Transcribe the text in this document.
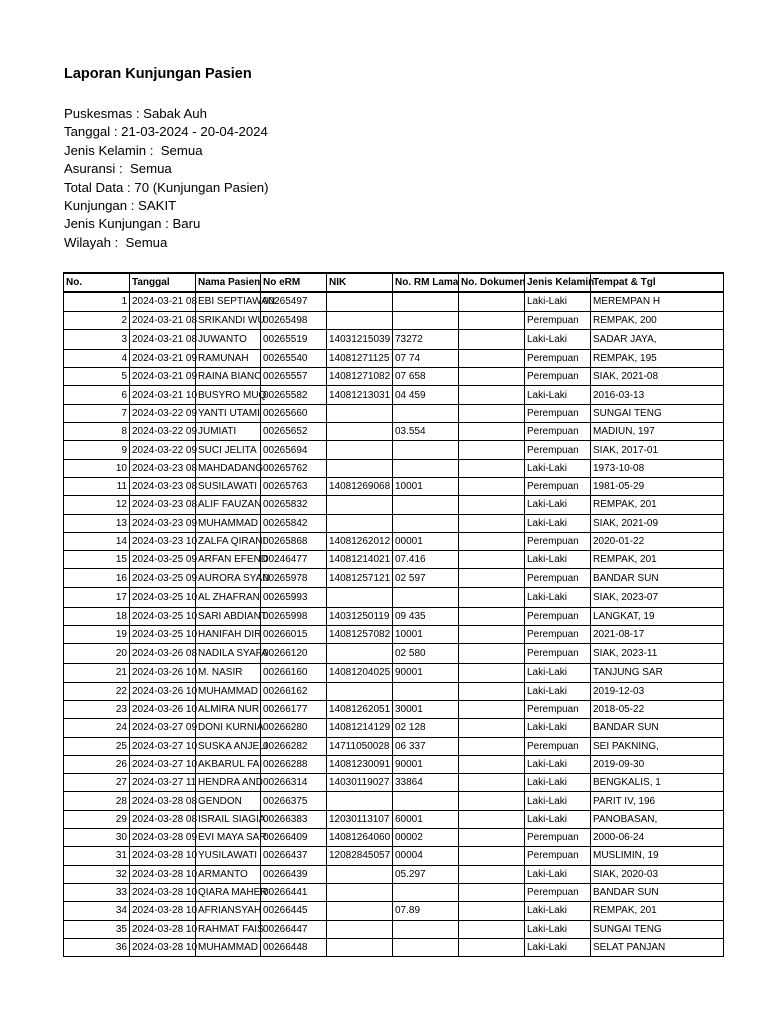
Laporan Kunjungan Pasien
Puskesmas : Sabak Auh
Tanggal : 21-03-2024 - 20-04-2024
Jenis Kelamin :  Semua
Asuransi :  Semua
Total Data : 70 (Kunjungan Pasien)
Kunjungan : SAKIT
Jenis Kunjungan : Baru
Wilayah :  Semua
No.	Tanggal	Nama Pasien	No eRM	NIK	No. RM Lama	No. Dokumen	Jenis Kelamin	Tempat & Tgl
1	2024-03-21 08	EBI SEPTIAWAN	00265497				Laki-Laki	MEREMPAN H
2	2024-03-21 08	SRIKANDI WU	00265498				Perempuan	REMPAK, 200
3	2024-03-21 08	JUWANTO	00265519	14031215039	73272		Laki-Laki	SADAR JAYA,
4	2024-03-21 09	RAMUNAH	00265540	14081271125	07 74		Perempuan	REMPAK, 195
5	2024-03-21 09	RAINA BIANC	00265557	14081271082	07 658		Perempuan	SIAK, 2021-08
6	2024-03-21 10	BUSYRO MUQ	00265582	14081213031	04 459		Laki-Laki	2016-03-13
7	2024-03-22 09	YANTI UTAMI	00265660				Perempuan	SUNGAI TENG
8	2024-03-22 09	JUMIATI	00265652		03.554		Perempuan	MADIUN, 197
9	2024-03-22 09	SUCI JELITA	00265694				Perempuan	SIAK, 2017-01
10	2024-03-23 08	MAHDADANG	00265762				Laki-Laki	1973-10-08
11	2024-03-23 08	SUSILAWATI	00265763	14081269068	10001		Perempuan	1981-05-29
12	2024-03-23 08	ALIF FAUZAN	00265832				Laki-Laki	REMPAK, 201
13	2024-03-23 09	MUHAMMAD	00265842				Laki-Laki	SIAK, 2021-09
14	2024-03-23 10	ZALFA QIRANI	00265868	14081262012	00001		Perempuan	2020-01-22
15	2024-03-25 09	ARFAN EFEND	00246477	14081214021	07.416		Laki-Laki	REMPAK, 201
16	2024-03-25 09	AURORA SYAN	00265978	14081257121	02 597		Perempuan	BANDAR SUN
17	2024-03-25 10	AL ZHAFRAN	00265993				Laki-Laki	SIAK, 2023-07
18	2024-03-25 10	SARI ABDIANT	00265998	14031250119	09 435		Perempuan	LANGKAT, 19
19	2024-03-25 10	HANIFAH DIR	00266015	14081257082	10001		Perempuan	2021-08-17
20	2024-03-26 08	NADILA SYAFA	00266120		02 580		Perempuan	SIAK, 2023-11
21	2024-03-26 10	M. NASIR	00266160	14081204025	90001		Laki-Laki	TANJUNG SAR
22	2024-03-26 10	MUHAMMAD	00266162				Laki-Laki	2019-12-03
23	2024-03-26 10	ALMIRA NUR	00266177	14081262051	30001		Perempuan	2018-05-22
24	2024-03-27 09	DONI KURNIA	00266280	14081214129	02 128		Laki-Laki	BANDAR SUN
25	2024-03-27 10	SUSKA ANJELI	00266282	14711050028	06 337		Perempuan	SEI PAKNING,
26	2024-03-27 10	AKBARUL FAI	00266288	14081230091	90001		Laki-Laki	2019-09-30
27	2024-03-27 11	HENDRA AND	00266314	14030119027	33864		Laki-Laki	BENGKALIS, 1
28	2024-03-28 08	GENDON	00266375				Laki-Laki	PARIT IV, 196
29	2024-03-28 08	ISRAIL SIAGIA	00266383	12030113107	60001		Laki-Laki	PANOBASAN,
30	2024-03-28 09	EVI MAYA SAR	00266409	14081264060	00002		Perempuan	2000-06-24
31	2024-03-28 10	YUSILAWATI	00266437	12082845057	00004		Perempuan	MUSLIMIN, 19
32	2024-03-28 10	ARMANTO	00266439		05.297		Laki-Laki	SIAK, 2020-03
33	2024-03-28 10	QIARA MAHER	00266441				Perempuan	BANDAR SUN
34	2024-03-28 10	AFRIANSYAH	00266445		07.89		Laki-Laki	REMPAK, 201
35	2024-03-28 10	RAHMAT FAIS	00266447				Laki-Laki	SUNGAI TENG
36	2024-03-28 10	MUHAMMAD	00266448				Laki-Laki	SELAT PANJAN
